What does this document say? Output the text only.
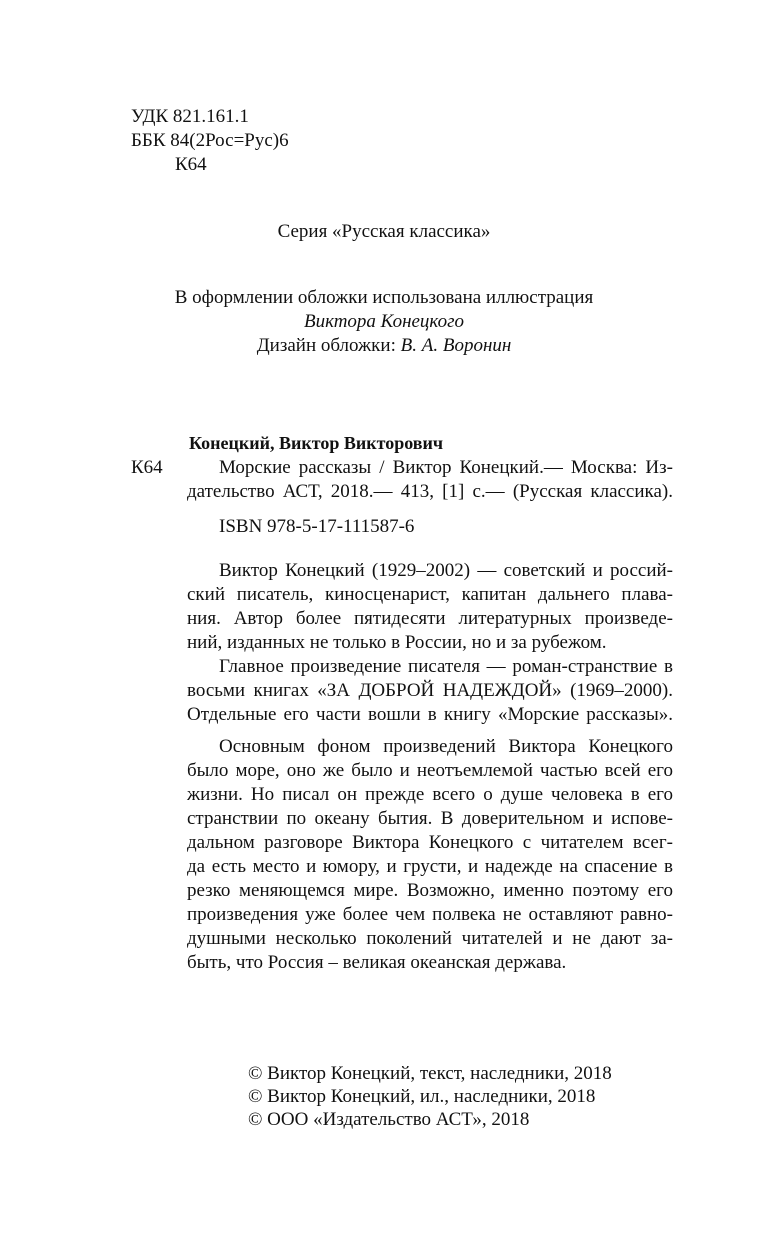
УДК 821.161.1
ББК 84(2Рос=Рус)6
К64
Серия «Русская классика»
В оформлении обложки использована иллюстрация
Виктора Конецкого
Дизайн обложки: В. А. Воронин
Конецкий, Виктор Викторович
К64	Морские рассказы / Виктор Конецкий.— Москва: Из-
дательство АСТ, 2018.— 413, [1] с.— (Русская классика).
ISBN 978-5-17-111587-6
Виктор Конецкий (1929–2002) — советский и россий-
ский писатель, киносценарист, капитан дальнего плава-
ния. Автор более пятидесяти литературных произведе-
ний, изданных не только в России, но и за рубежом.
Главное произведение писателя — роман-странствие в
восьми книгах «ЗА ДОБРОЙ НАДЕЖДОЙ» (1969–2000).
Отдельные его части вошли в книгу «Морские рассказы».
Основным фоном произведений Виктора Конецкого
было море, оно же было и неотъемлемой частью всей его
жизни. Но писал он прежде всего о душе человека в его
странствии по океану бытия. В доверительном и испове-
дальном разговоре Виктора Конецкого с читателем всег-
да есть место и юмору, и грусти, и надежде на спасение в
резко меняющемся мире. Возможно, именно поэтому его
произведения уже более чем полвека не оставляют равно-
душными несколько поколений читателей и не дают за-
быть, что Россия – великая океанская держава.
© Виктор Конецкий, текст, наследники, 2018
© Виктор Конецкий, ил., наследники, 2018
© ООО «Издательство АСТ», 2018
